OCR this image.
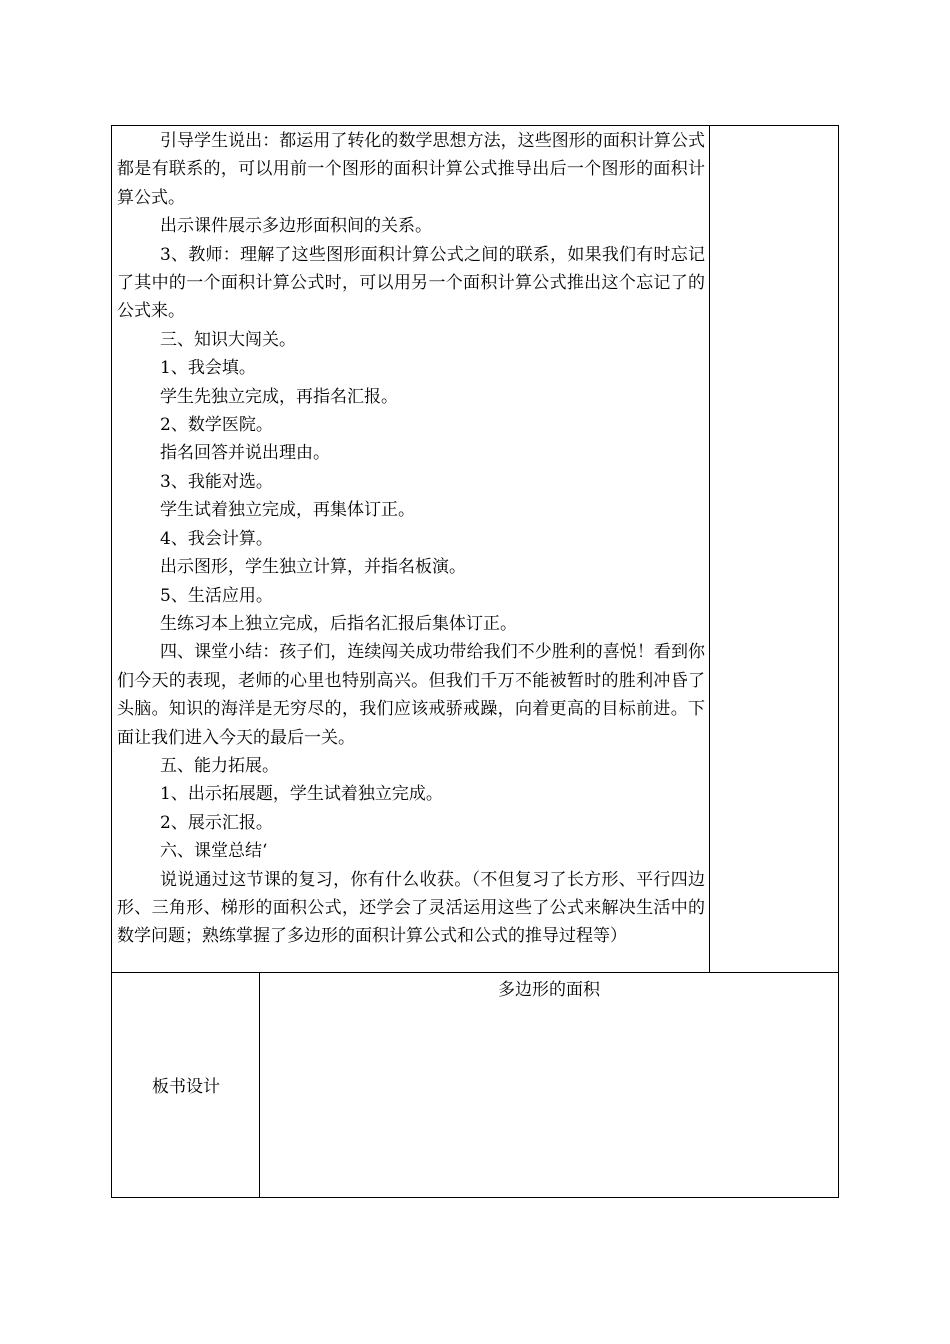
引导学生说出：都运用了转化的数学思想方法，这些图形的面积计算公式都是有联系的，可以用前一个图形的面积计算公式推导出后一个图形的面积计算公式。

出示课件展示多边形面积间的关系。

3、教师：理解了这些图形面积计算公式之间的联系，如果我们有时忘记了其中的一个面积计算公式时，可以用另一个面积计算公式推出这个忘记了的公式来。

三、知识大闯关。

1、我会填。

学生先独立完成，再指名汇报。

2、数学医院。

指名回答并说出理由。

3、我能对选。

学生试着独立完成，再集体订正。

4、我会计算。

出示图形，学生独立计算，并指名板演。

5、生活应用。

生练习本上独立完成，后指名汇报后集体订正。

四、课堂小结：孩子们，连续闯关成功带给我们不少胜利的喜悦！看到你们今天的表现，老师的心里也特别高兴。但我们千万不能被暂时的胜利冲昏了头脑。知识的海洋是无穷尽的，我们应该戒骄戒躁，向着更高的目标前进。下面让我们进入今天的最后一关。

五、能力拓展。

1、出示拓展题，学生试着独立完成。

2、展示汇报。

六、课堂总结‘

说说通过这节课的复习，你有什么收获。（不但复习了长方形、平行四边形、三角形、梯形的面积公式，还学会了灵活运用这些了公式来解决生活中的数学问题；熟练掌握了多边形的面积计算公式和公式的推导过程等）

板书设计
多边形的面积
